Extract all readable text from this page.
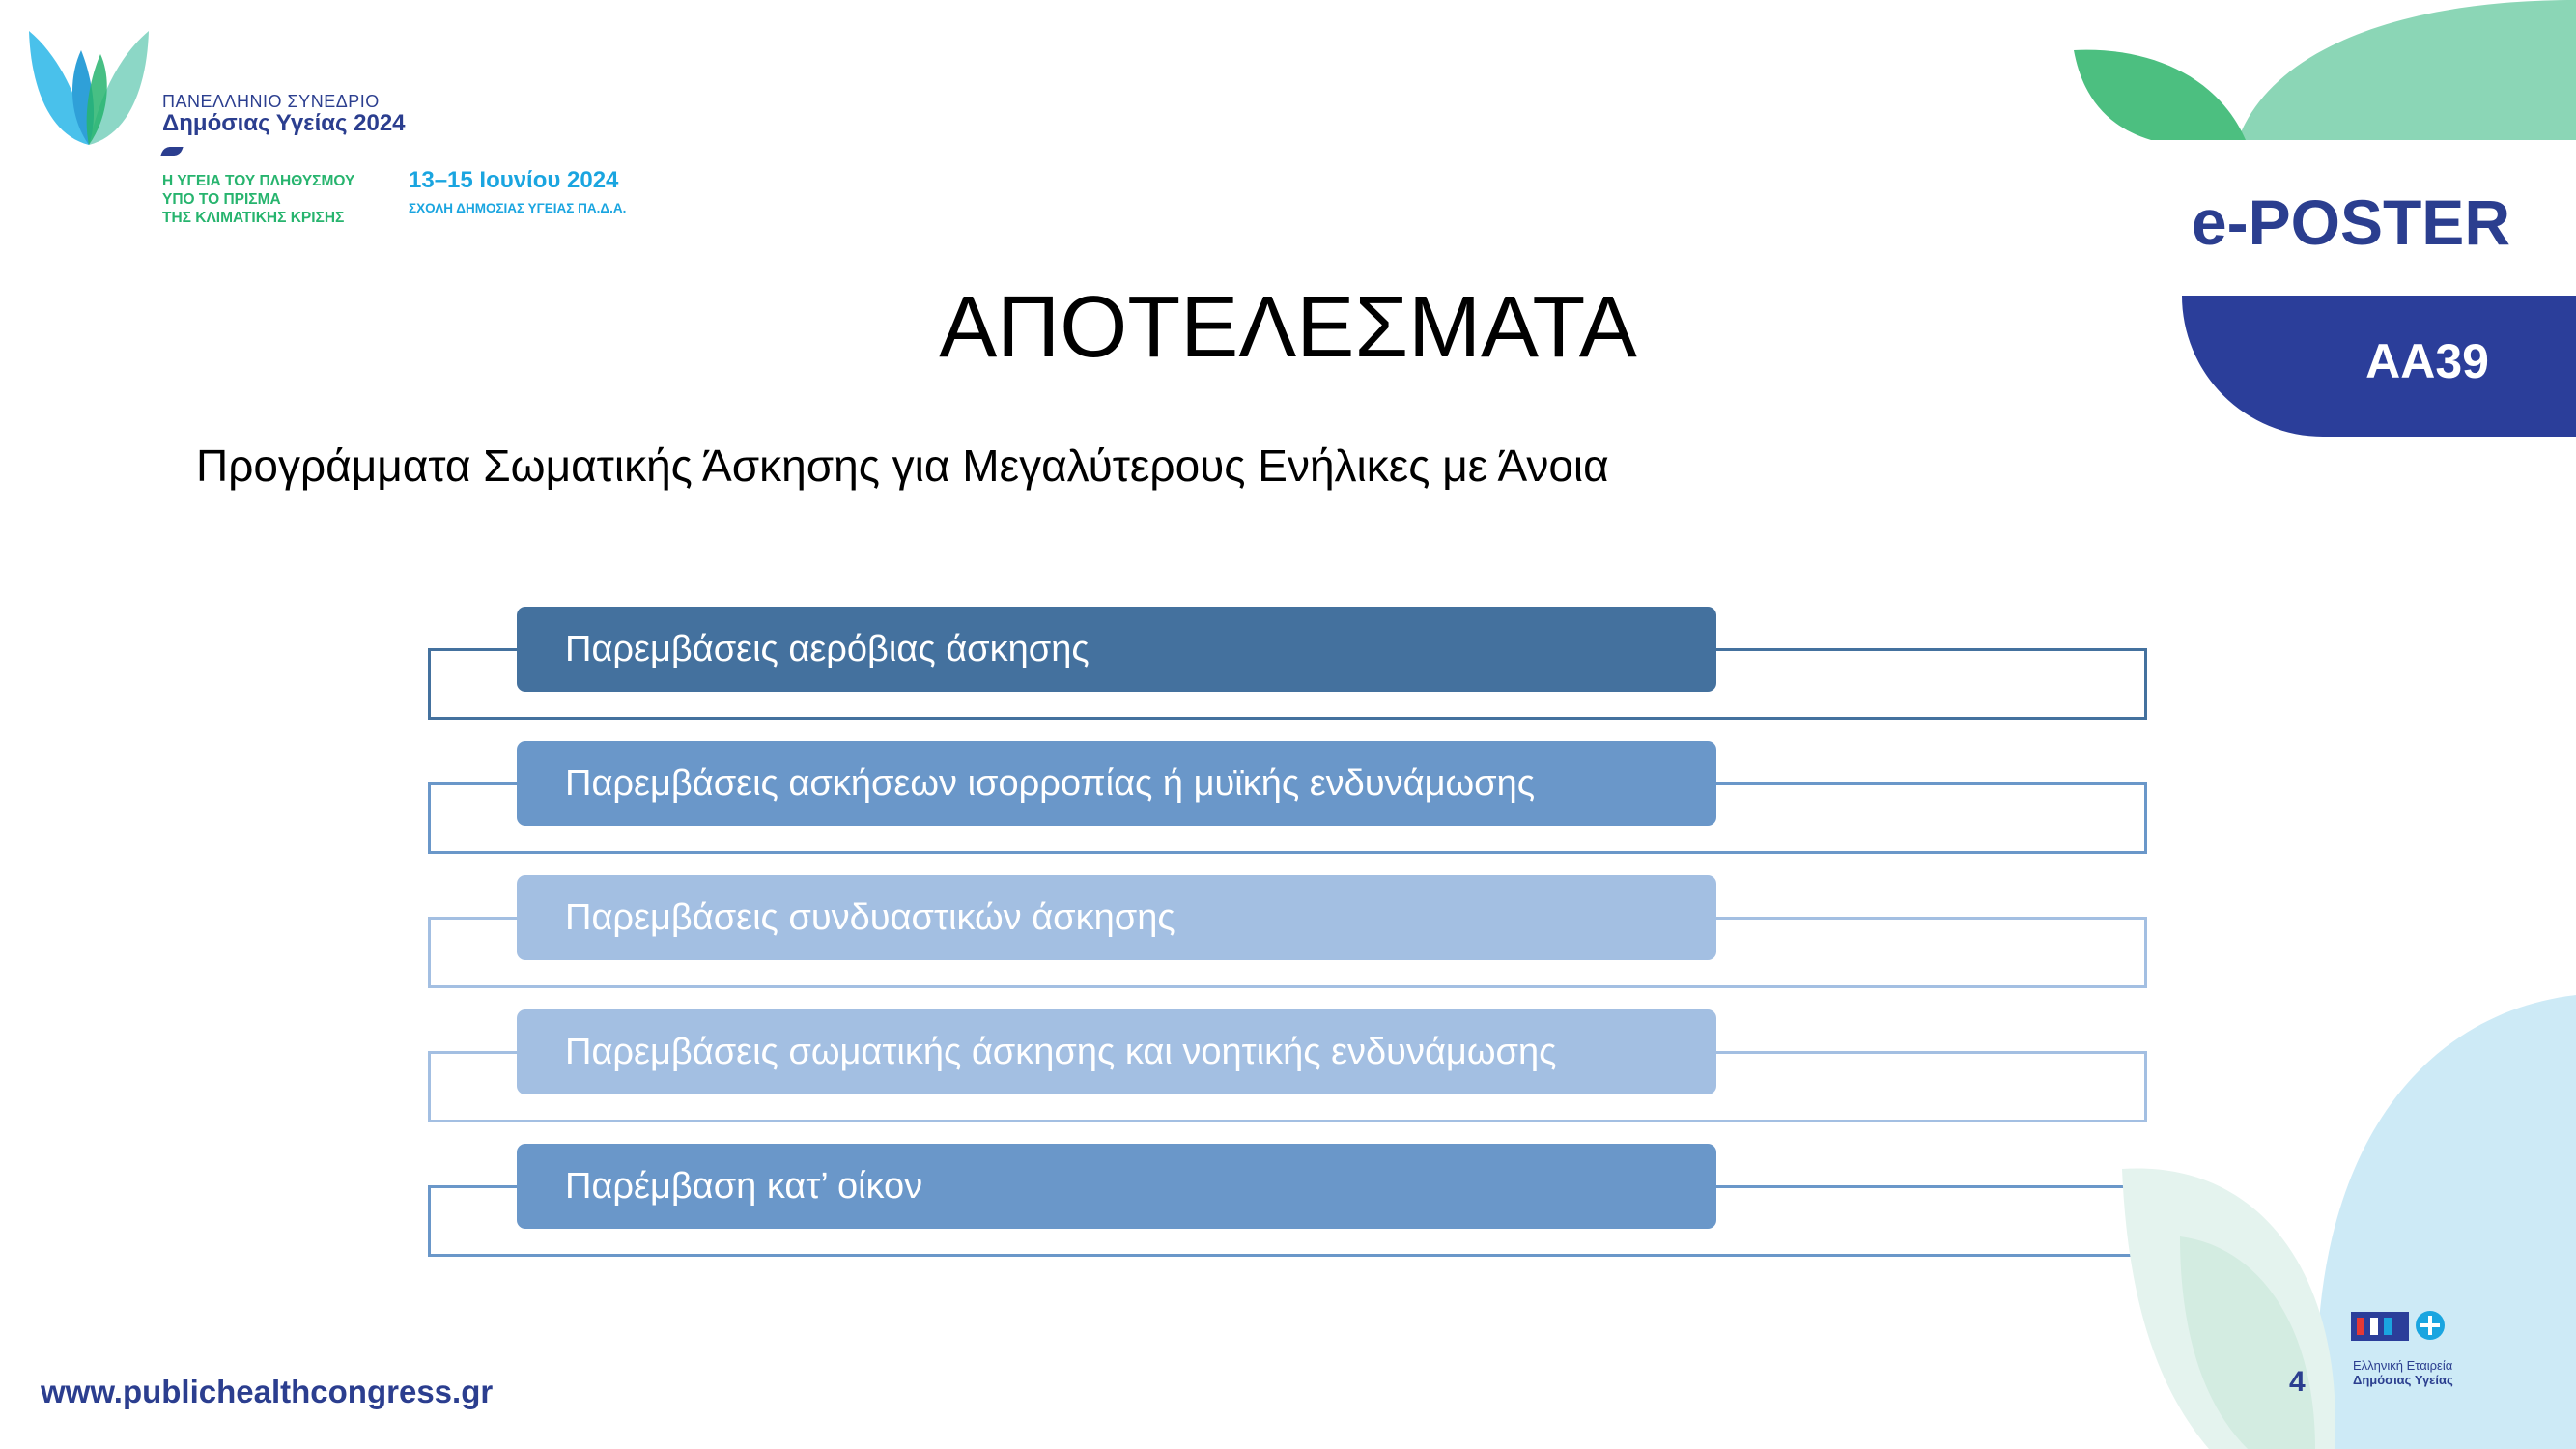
ΠΑΝΕΛΛΗΝΙΟ ΣΥΝΕΔΡΙΟ
Δημόσιας Υγείας 2024
Η ΥΓΕΙΑ ΤΟΥ ΠΛΗΘΥΣΜΟΥ
ΥΠΟ ΤΟ ΠΡΙΣΜΑ
ΤΗΣ ΚΛΙΜΑΤΙΚΗΣ ΚΡΙΣΗΣ
13–15 Ιουνίου 2024
ΣΧΟΛΗ ΔΗΜΟΣΙΑΣ ΥΓΕΙΑΣ ΠΑ.Δ.Α.	e-POSTER
AA39
ΑΠΟΤΕΛΕΣΜΑΤΑ
Προγράμματα Σωματικής Άσκησης για Μεγαλύτερους Ενήλικες με Άνοια
Παρεμβάσεις αερόβιας άσκησης
Παρεμβάσεις ασκήσεων ισορροπίας ή μυϊκής ενδυνάμωσης
Παρεμβάσεις συνδυαστικών άσκησης
Παρεμβάσεις σωματικής άσκησης και νοητικής ενδυνάμωσης
Παρέμβαση κατ’ οίκον
www.publichealthcongress.gr	4
Ελληνική Εταιρεία
Δημόσιας Υγείας
